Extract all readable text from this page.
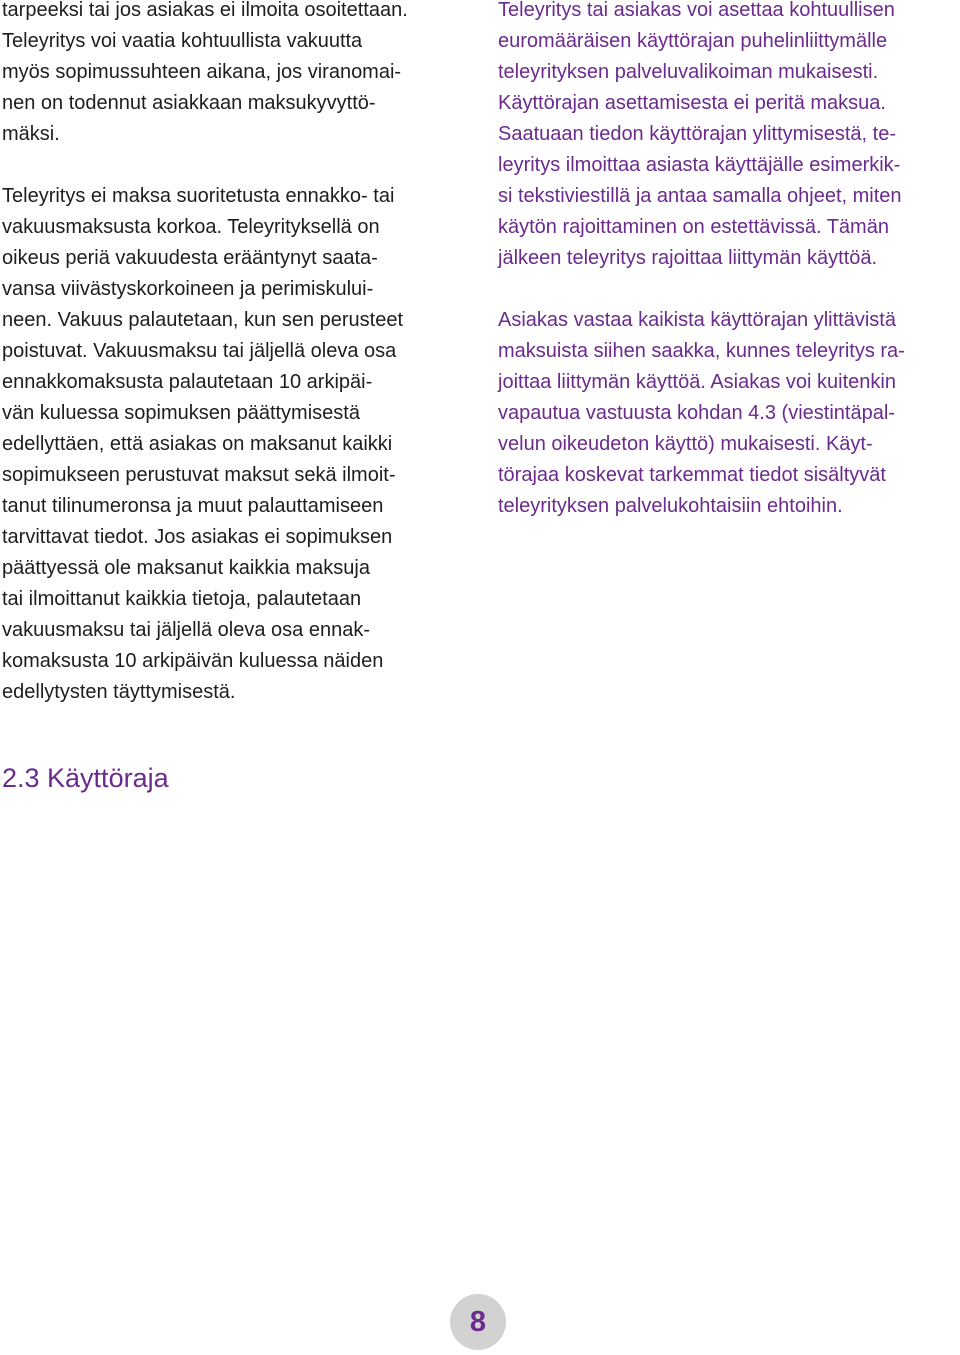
tarpeeksi tai jos asiakas ei ilmoita osoitettaan.
Teleyritys voi vaatia kohtuullista vakuutta
myös sopimussuhteen aikana, jos viranomai-
nen on todennut asiakkaan maksukyvyttö-
mäksi.

Teleyritys ei maksa suoritetusta ennakko- tai
vakuusmaksusta korkoa. Teleyrityksellä on
oikeus periä vakuudesta erääntynyt saata-
vansa viivästyskorkoineen ja perimiskului-
neen. Vakuus palautetaan, kun sen perusteet
poistuvat. Vakuusmaksu tai jäljellä oleva osa
ennakkomaksusta palautetaan 10 arkipäi-
vän kuluessa sopimuksen päättymisestä
edellyttäen, että asiakas on maksanut kaikki
sopimukseen perustuvat maksut sekä ilmoit-
tanut tilinumeronsa ja muut palauttamiseen
tarvittavat tiedot. Jos asiakas ei sopimuksen
päättyessä ole maksanut kaikkia maksuja
tai ilmoittanut kaikkia tietoja, palautetaan
vakuusmaksu tai jäljellä oleva osa ennak-
komaksusta 10 arkipäivän kuluessa näiden
edellytysten täyttymisestä.

2.3 Käyttöraja

Teleyritys tai asiakas voi asettaa kohtuullisen
euromääräisen käyttörajan puhelinliittymälle
teleyrityksen palveluvalikoiman mukaisesti.
Käyttörajan asettamisesta ei peritä maksua.
Saatuaan tiedon käyttörajan ylittymisestä, te-
leyritys ilmoittaa asiasta käyttäjälle esimerkik-
si tekstiviestillä ja antaa samalla ohjeet, miten
käytön rajoittaminen on estettävissä. Tämän
jälkeen teleyritys rajoittaa liittymän käyttöä.

Asiakas vastaa kaikista käyttörajan ylittävistä
maksuista siihen saakka, kunnes teleyritys ra-
joittaa liittymän käyttöä. Asiakas voi kuitenkin
vapautua vastuusta kohdan 4.3 (viestintäpal-
velun oikeudeton käyttö) mukaisesti. Käyt-
törajaa koskevat tarkemmat tiedot sisältyvät
teleyrityksen palvelukohtaisiin ehtoihin.

8
